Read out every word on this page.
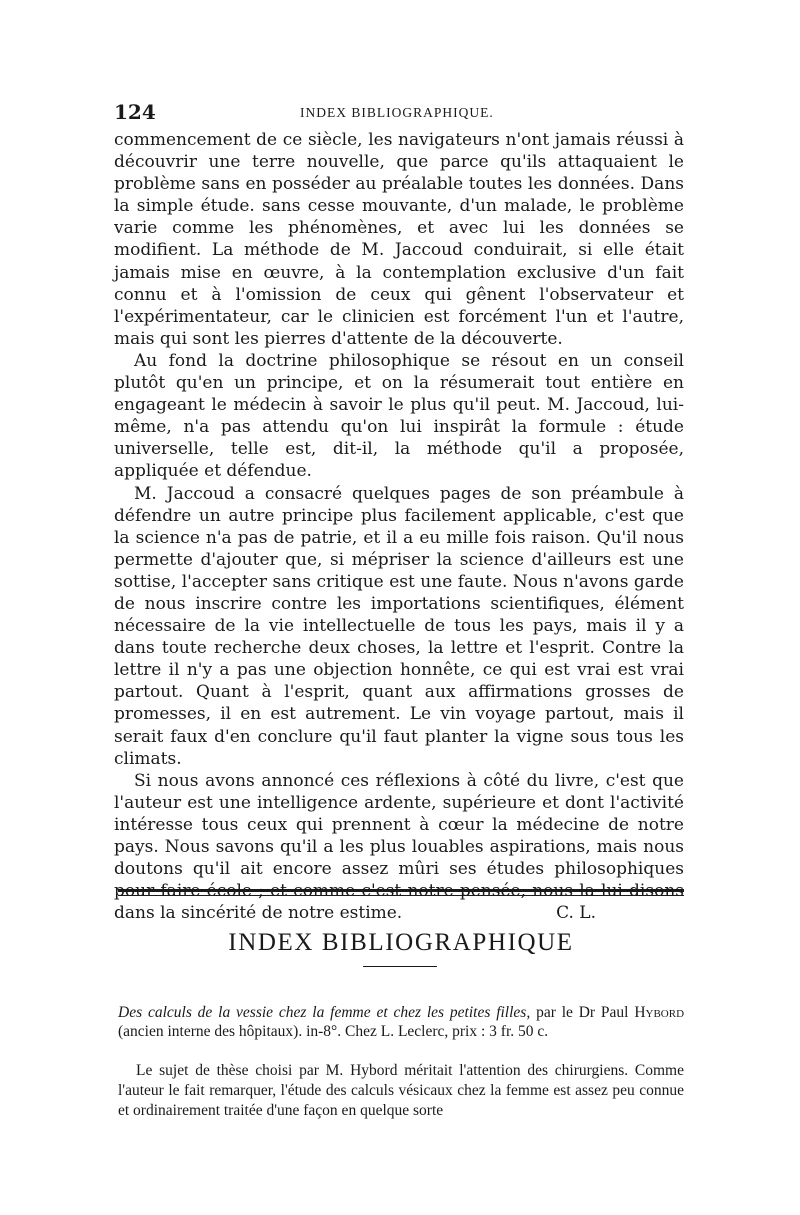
124	INDEX BIBLIOGRAPHIQUE.

commencement de ce siècle, les navigateurs n'ont jamais réussi à découvrir une terre nouvelle, que parce qu'ils attaquaient le problème sans en posséder au préalable toutes les données. Dans la simple étude. sans cesse mouvante, d'un malade, le problème varie comme les phénomènes, et avec lui les données se modifient. La méthode de M. Jaccoud conduirait, si elle était jamais mise en œuvre, à la contemplation exclusive d'un fait connu et à l'omission de ceux qui gênent l'observateur et l'expérimentateur, car le clinicien est forcément l'un et l'autre, mais qui sont les pierres d'attente de la découverte.

Au fond la doctrine philosophique se résout en un conseil plutôt qu'en un principe, et on la résumerait tout entière en engageant le médecin à savoir le plus qu'il peut. M. Jaccoud, lui-même, n'a pas attendu qu'on lui inspirât la formule : étude universelle, telle est, dit-il, la méthode qu'il a proposée, appliquée et défendue.

M. Jaccoud a consacré quelques pages de son préambule à défendre un autre principe plus facilement applicable, c'est que la science n'a pas de patrie, et il a eu mille fois raison. Qu'il nous permette d'ajouter que, si mépriser la science d'ailleurs est une sottise, l'accepter sans critique est une faute. Nous n'avons garde de nous inscrire contre les importations scientifiques, élément nécessaire de la vie intellectuelle de tous les pays, mais il y a dans toute recherche deux choses, la lettre et l'esprit. Contre la lettre il n'y a pas une objection honnête, ce qui est vrai est vrai partout. Quant à l'esprit, quant aux affirmations grosses de promesses, il en est autrement. Le vin voyage partout, mais il serait faux d'en conclure qu'il faut planter la vigne sous tous les climats.

Si nous avons annoncé ces réflexions à côté du livre, c'est que l'auteur est une intelligence ardente, supérieure et dont l'activité intéresse tous ceux qui prennent à cœur la médecine de notre pays. Nous savons qu'il a les plus louables aspirations, mais nous doutons qu'il ait encore assez mûri ses études philosophiques pour faire école ; et comme c'est notre pensée, nous la lui disons dans la sincérité de notre estime.	C. L.

INDEX BIBLIOGRAPHIQUE
Des calculs de la vessie chez la femme et chez les petites filles, par le Dr Paul Hybord (ancien interne des hôpitaux). in-8°. Chez L. Leclerc, prix : 3 fr. 50 c.
Le sujet de thèse choisi par M. Hybord méritait l'attention des chirurgiens. Comme l'auteur le fait remarquer, l'étude des calculs vésicaux chez la femme est assez peu connue et ordinairement traitée d'une façon en quelque sorte
